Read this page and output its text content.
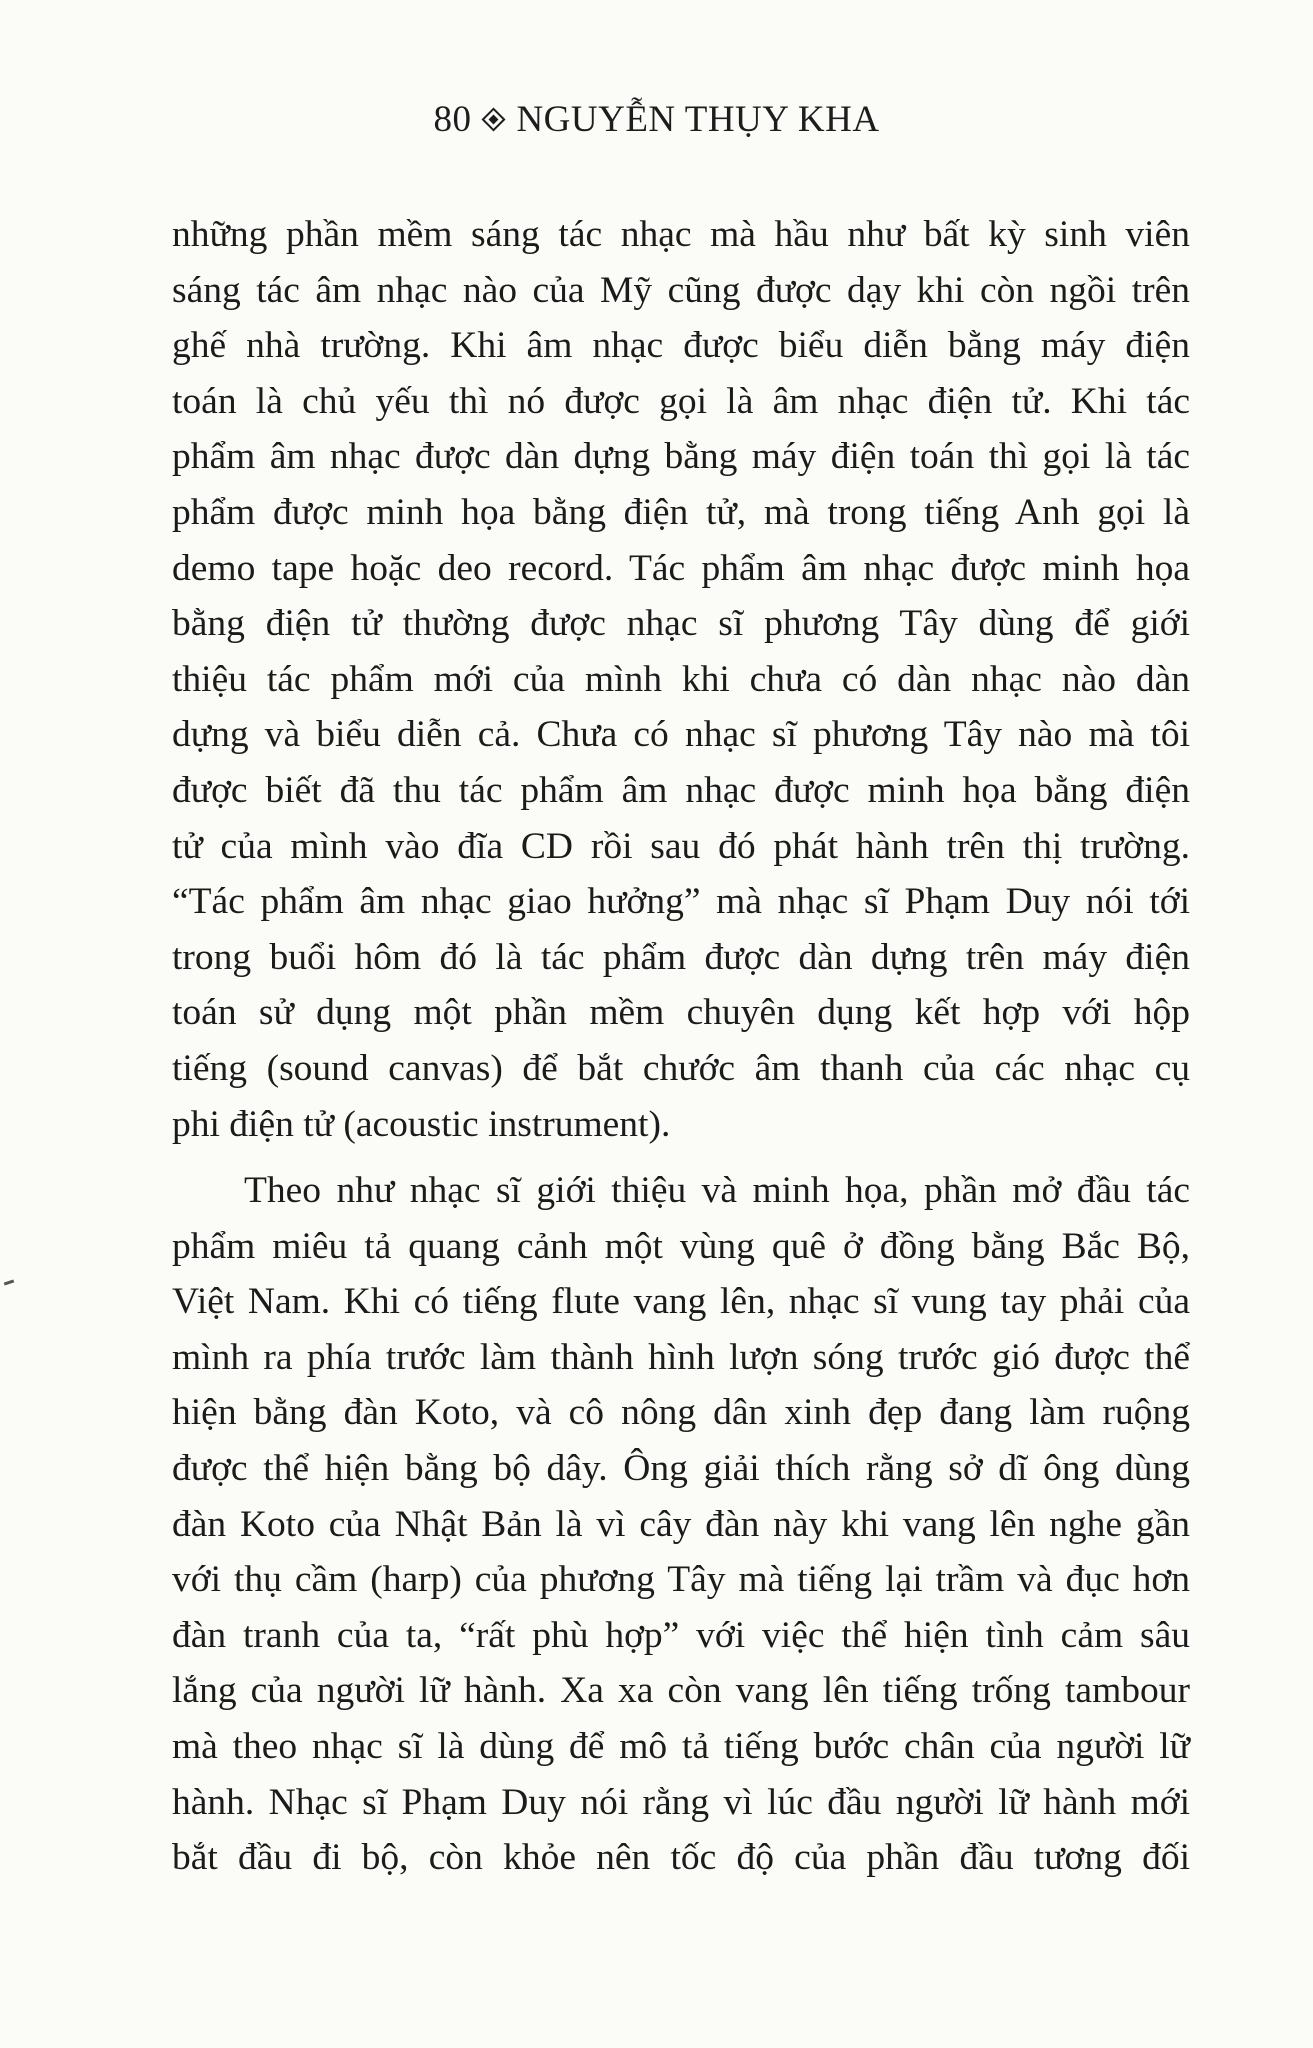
80 NGUYỄN THỤY KHA
những phần mềm sáng tác nhạc mà hầu như bất kỳ sinh viên
sáng tác âm nhạc nào của Mỹ cũng được dạy khi còn ngồi trên
ghế nhà trường. Khi âm nhạc được biểu diễn bằng máy điện
toán là chủ yếu thì nó được gọi là âm nhạc điện tử. Khi tác
phẩm âm nhạc được dàn dựng bằng máy điện toán thì gọi là tác
phẩm được minh họa bằng điện tử, mà trong tiếng Anh gọi là
demo tape hoặc deo record. Tác phẩm âm nhạc được minh họa
bằng điện tử thường được nhạc sĩ phương Tây dùng để giới
thiệu tác phẩm mới của mình khi chưa có dàn nhạc nào dàn
dựng và biểu diễn cả. Chưa có nhạc sĩ phương Tây nào mà tôi
được biết đã thu tác phẩm âm nhạc được minh họa bằng điện
tử của mình vào đĩa CD rồi sau đó phát hành trên thị trường.
“Tác phẩm âm nhạc giao hưởng” mà nhạc sĩ Phạm Duy nói tới
trong buổi hôm đó là tác phẩm được dàn dựng trên máy điện
toán sử dụng một phần mềm chuyên dụng kết hợp với hộp
tiếng (sound canvas) để bắt chước âm thanh của các nhạc cụ
phi điện tử (acoustic instrument).
Theo như nhạc sĩ giới thiệu và minh họa, phần mở đầu tác
phẩm miêu tả quang cảnh một vùng quê ở đồng bằng Bắc Bộ,
Việt Nam. Khi có tiếng flute vang lên, nhạc sĩ vung tay phải của
mình ra phía trước làm thành hình lượn sóng trước gió được thể
hiện bằng đàn Koto, và cô nông dân xinh đẹp đang làm ruộng
được thể hiện bằng bộ dây. Ông giải thích rằng sở dĩ ông dùng
đàn Koto của Nhật Bản là vì cây đàn này khi vang lên nghe gần
với thụ cầm (harp) của phương Tây mà tiếng lại trầm và đục hơn
đàn tranh của ta, “rất phù hợp” với việc thể hiện tình cảm sâu
lắng của người lữ hành. Xa xa còn vang lên tiếng trống tambour
mà theo nhạc sĩ là dùng để mô tả tiếng bước chân của người lữ
hành. Nhạc sĩ Phạm Duy nói rằng vì lúc đầu người lữ hành mới
bắt đầu đi bộ, còn khỏe nên tốc độ của phần đầu tương đối
